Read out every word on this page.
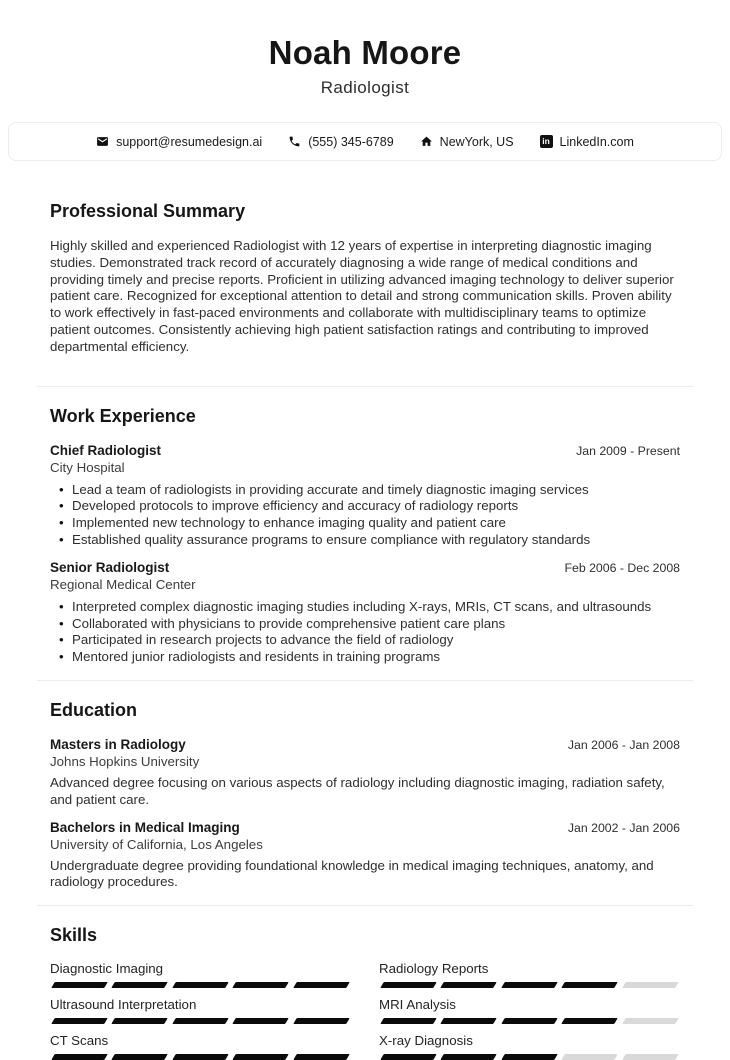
Noah Moore
Radiologist
support@resumedesign.ai	(555) 345-6789	NewYork, US	in LinkedIn.com
Professional Summary

Highly skilled and experienced Radiologist with 12 years of expertise in interpreting diagnostic imaging studies. Demonstrated track record of accurately diagnosing a wide range of medical conditions and providing timely and precise reports. Proficient in utilizing advanced imaging technology to deliver superior patient care. Recognized for exceptional attention to detail and strong communication skills. Proven ability to work effectively in fast-paced environments and collaborate with multidisciplinary teams to optimize patient outcomes. Consistently achieving high patient satisfaction ratings and contributing to improved departmental efficiency.

Work Experience
Chief Radiologist	Jan 2009 - Present
City Hospital
• Lead a team of radiologists in providing accurate and timely diagnostic imaging services
• Developed protocols to improve efficiency and accuracy of radiology reports
• Implemented new technology to enhance imaging quality and patient care
• Established quality assurance programs to ensure compliance with regulatory standards
Senior Radiologist	Feb 2006 - Dec 2008
Regional Medical Center
• Interpreted complex diagnostic imaging studies including X-rays, MRIs, CT scans, and ultrasounds
• Collaborated with physicians to provide comprehensive patient care plans
• Participated in research projects to advance the field of radiology
• Mentored junior radiologists and residents in training programs
Education
Masters in Radiology	Jan 2006 - Jan 2008
Johns Hopkins University

Advanced degree focusing on various aspects of radiology including diagnostic imaging, radiation safety, and patient care.

Bachelors in Medical Imaging	Jan 2002 - Jan 2006
University of California, Los Angeles

Undergraduate degree providing foundational knowledge in medical imaging techniques, anatomy, and radiology procedures.

Skills
Diagnostic Imaging	Radiology Reports
Ultrasound Interpretation	MRI Analysis
CT Scans	X-ray Diagnosis
